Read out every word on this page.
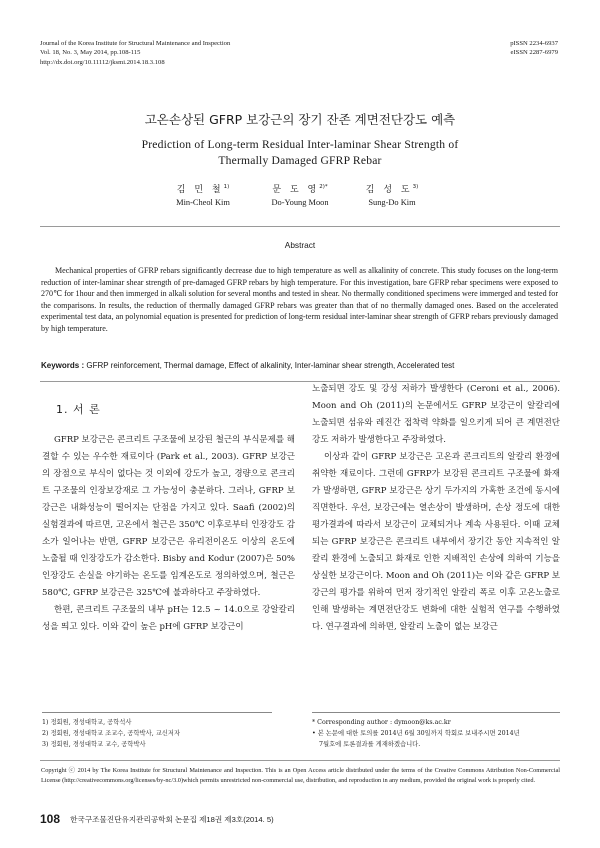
Journal of the Korea Institute for Structural Maintenance and Inspection
Vol. 18, No. 3, May 2014, pp.108-115
http://dx.doi.org/10.11112/jksmi.2014.18.3.108
pISSN 2234-6937
eISSN 2287-6979
고온손상된 GFRP 보강근의 장기 잔존 계면전단강도 예측
Prediction of Long-term Residual Inter-laminar Shear Strength of
Thermally Damaged GFRP Rebar
김 민 철$^{1)}$
Min-Cheol Kim
문 도 영$^{2)*}$
Do-Young Moon
김 성 도$^{3)}$
Sung-Do Kim
Abstract
Mechanical properties of GFRP rebars significantly decrease due to high temperature as well as alkalinity of concrete. This study focuses on the long-term reduction of inter-laminar shear strength of pre-damaged GFRP rebars by high temperature. For this investigation, bare GFRP rebar specimens were exposed to 270℃ for 1hour and then immerged in alkali solution for several months and tested in shear. No thermally conditioned specimens were immerged and tested for the comparisons. In results, the reduction of thermally damaged GFRP rebars was greater than that of no thermally damaged ones. Based on the accelerated experimental test data, an polynomial equation is presented for prediction of long-term residual inter-laminar shear strength of GFRP rebars previously damaged by high temperature.
Keywords : GFRP reinforcement, Thermal damage, Effect of alkalinity, Inter-laminar shear strength, Accelerated test
1. 서 론

GFRP 보강근은 콘크리트 구조물에 보강된 철근의 부식문제를 해결할 수 있는 우수한 재료이다 (Park et al., 2003). GFRP 보강근의 장점으로 부식이 없다는 것 이외에 강도가 높고, 경량으로 콘크리트 구조물의 인장보강재로 그 가능성이 충분하다. 그러나, GFRP 보강근은 내화성능이 떨어지는 단점을 가지고 있다. Saafi (2002)의 실험결과에 따르면, 고온에서 철근은 350℃ 이후로부터 인장강도 감소가 일어나는 반면, GFRP 보강근은 유리전이온도 이상의 온도에 노출될 때 인장강도가 감소한다. Bisby and Kodur (2007)은 50% 인장강도 손실을 야기하는 온도를 임계온도로 정의하였으며, 철근은 580℃, GFRP 보강근은 325℃에 불과하다고 주장하였다.

한편, 콘크리트 구조물의 내부 pH는 12.5 ~ 14.0으로 강알칼리성을 띄고 있다. 이와 같이 높은 pH에 GFRP 보강근이

노출되면 강도 및 강성 저하가 발생한다 (Ceroni et al., 2006). Moon and Oh (2011)의 논문에서도 GFRP 보강근이 알칼리에 노출되면 섬유와 레진간 접착력 약화를 일으키게 되어 큰 계면전단강도 저하가 발생한다고 주장하였다.

이상과 같이 GFRP 보강근은 고온과 콘크리트의 알칼리 환경에 취약한 재료이다. 그런데 GFRP가 보강된 콘크리트 구조물에 화재가 발생하면, GFRP 보강근은 상기 두가지의 가혹한 조건에 동시에 직면한다. 우선, 보강근에는 열손상이 발생하며, 손상 정도에 대한 평가결과에 따라서 보강근이 교체되거나 계속 사용된다. 이때 교체되는 GFRP 보강근은 콘크리트 내부에서 장기간 동안 지속적인 알칼리 환경에 노출되고 화재로 인한 지배적인 손상에 의하여 기능을 상실한 보강근이다. Moon and Oh (2011)는 이와 같은 GFRP 보강근의 평가를 위하여 먼저 장기적인 알칼리 폭로 이후 고온노출로 인해 발생하는 계면전단강도 변화에 대한 실험적 연구를 수행하였다. 연구결과에 의하면, 알칼리 노출이 없는 보강근

1) 정회원, 경성대학교, 공학석사
2) 정회원, 경성대학교 조교수, 공학박사, 교신저자
3) 정회원, 경성대학교 교수, 공학박사
* Corresponding author : dymoon@ks.ac.kr
• 본 논문에 대한 토의를 2014년 6월 30일까지 학회로 보내주시면 2014년
7월호에 토론결과를 게재하겠습니다.
Copyright ⓒ 2014 by The Korea Institute for Structural Maintenance and Inspection. This is an Open Access article distributed under the terms of the Creative Commons Attribution Non-Commercial License (http://creativecommons.org/licenses/by-nc/3.0)which permits unrestricted non-commercial use, distribution, and reproduction in any medium, provided the original work is properly cited.
108 한국구조물진단유지관리공학회 논문집 제18권 제3호(2014. 5)
